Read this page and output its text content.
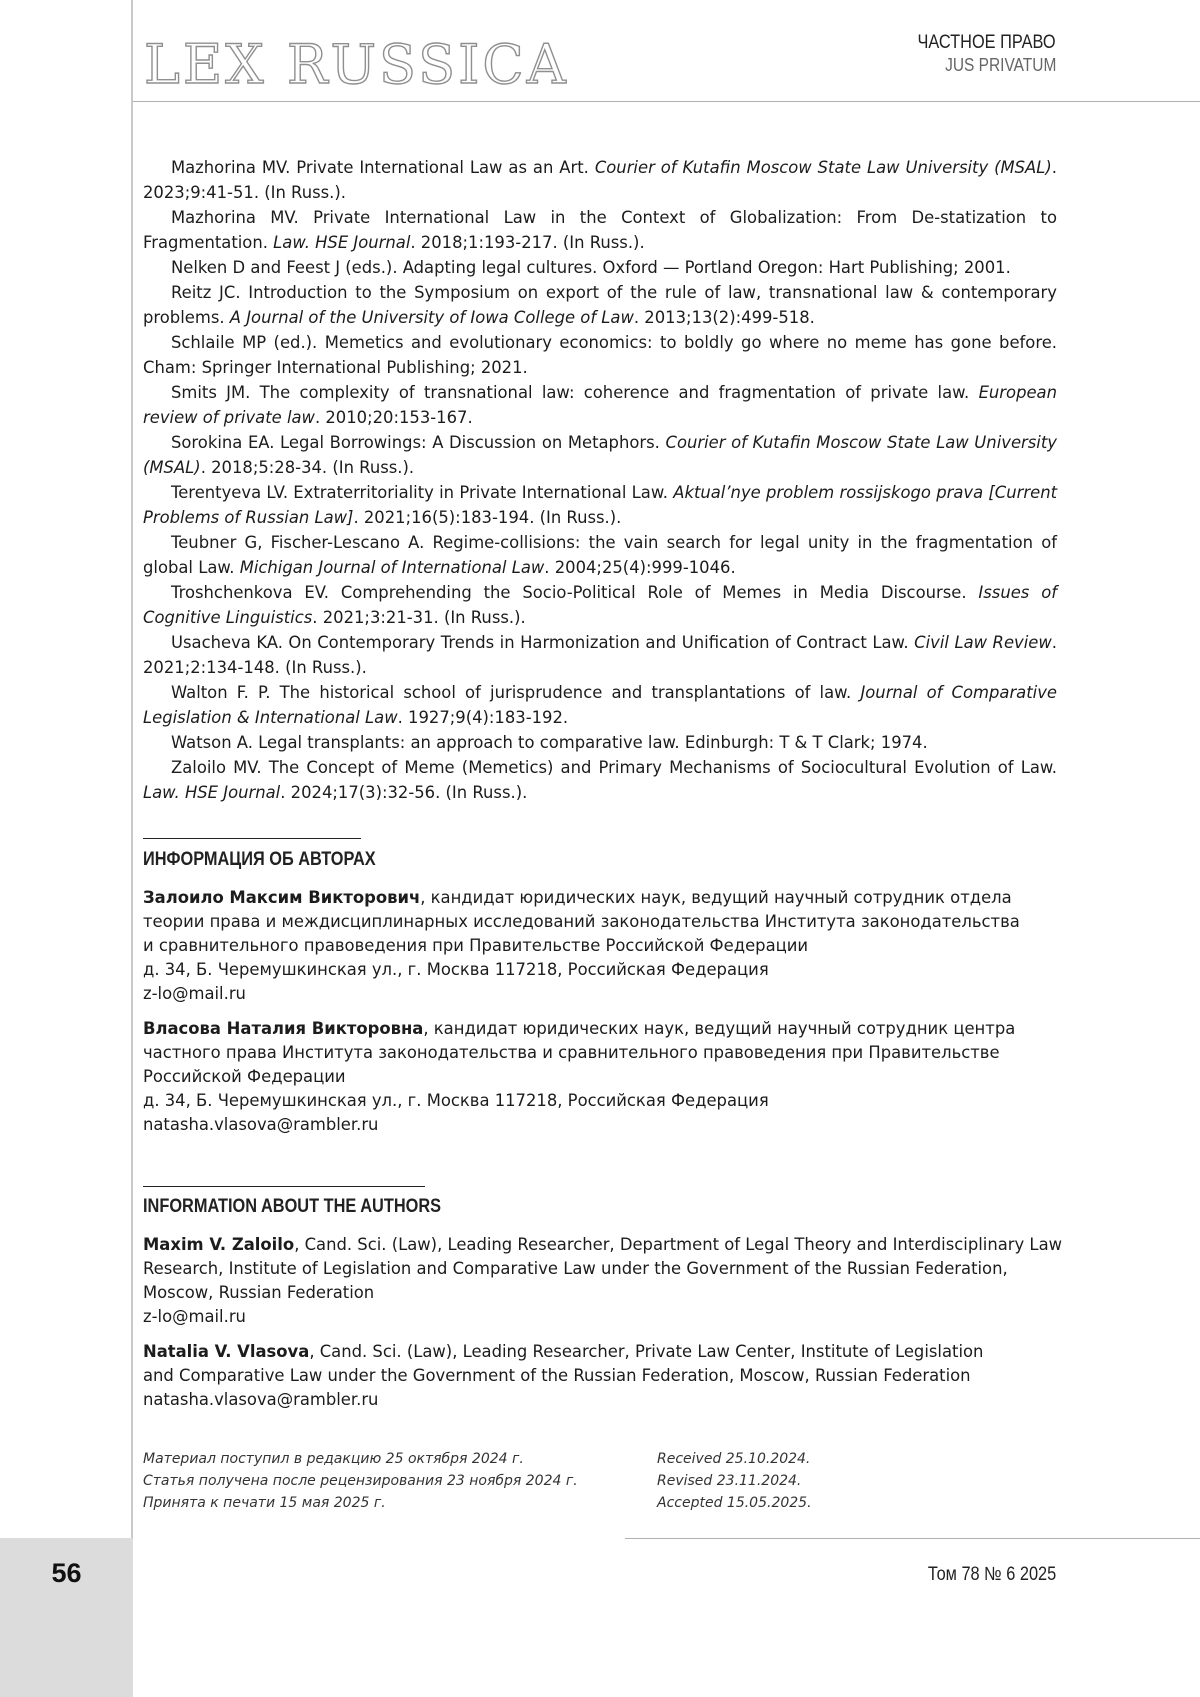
56
LEX RUSSICA	ЧАСТНОЕ ПРАВО
JUS PRIVATUM
Mazhorina MV. Private International Law as an Art. Courier of Kutafin Moscow State Law University (MSAL). 2023;9:41-51. (In Russ.).
Mazhorina MV. Private International Law in the Context of Globalization: From De-statization to Fragmentation. Law. HSE Journal. 2018;1:193-217. (In Russ.).
Nelken D and Feest J (eds.). Adapting legal cultures. Oxford — Portland Oregon: Hart Publishing; 2001.
Reitz JC. Introduction to the Symposium on export of the rule of law, transnational law & contemporary problems. A Journal of the University of Iowa College of Law. 2013;13(2):499-518.
Schlaile MP (ed.). Memetics and evolutionary economics: to boldly go where no meme has gone before. Cham: Springer International Publishing; 2021.
Smits JM. The complexity of transnational law: coherence and fragmentation of private law. European review of private law. 2010;20:153-167.
Sorokina EA. Legal Borrowings: A Discussion on Metaphors. Courier of Kutafin Moscow State Law University (MSAL). 2018;5:28-34. (In Russ.).
Terentyeva LV. Extraterritoriality in Private International Law. Aktual’nye problem rossijskogo prava [Current Problems of Russian Law]. 2021;16(5):183-194. (In Russ.).
Teubner G, Fischer-Lescano A. Regime-collisions: the vain search for legal unity in the fragmentation of global Law. Michigan Journal of International Law. 2004;25(4):999-1046.
Troshchenkova EV. Comprehending the Socio-Political Role of Memes in Media Discourse. Issues of Cognitive Linguistics. 2021;3:21-31. (In Russ.).
Usacheva KA. On Contemporary Trends in Harmonization and Unification of Contract Law. Civil Law Review. 2021;2:134-148. (In Russ.).
Walton F. P. The historical school of jurisprudence and transplantations of law. Journal of Comparative Legislation & International Law. 1927;9(4):183-192.
Watson A. Legal transplants: an approach to comparative law. Edinburgh: T & T Clark; 1974.
Zaloilo MV. The Concept of Meme (Memetics) and Primary Mechanisms of Sociocultural Evolution of Law. Law. HSE Journal. 2024;17(3):32-56. (In Russ.).
ИНФОРМАЦИЯ ОБ АВТОРАХ
Залоило Максим Викторович, кандидат юридических наук, ведущий научный сотрудник отдела
теории права и междисциплинарных исследований законодательства Института законодательства
и сравнительного правоведения при Правительстве Российской Федерации
д. 34, Б. Черемушкинская ул., г. Москва 117218, Российская Федерация
z-lo@mail.ru
Власова Наталия Викторовна, кандидат юридических наук, ведущий научный сотрудник центра
частного права Института законодательства и сравнительного правоведения при Правительстве
Российской Федерации
д. 34, Б. Черемушкинская ул., г. Москва 117218, Российская Федерация
natasha.vlasova@rambler.ru
INFORMATION ABOUT THE AUTHORS
Maxim V. Zaloilo, Cand. Sci. (Law), Leading Researcher, Department of Legal Theory and Interdisciplinary Law
Research, Institute of Legislation and Comparative Law under the Government of the Russian Federation,
Moscow, Russian Federation
z-lo@mail.ru
Natalia V. Vlasova, Cand. Sci. (Law), Leading Researcher, Private Law Center, Institute of Legislation
and Comparative Law under the Government of the Russian Federation, Moscow, Russian Federation
natasha.vlasova@rambler.ru
Материал поступил в редакцию 25 октября 2024 г.
Статья получена после рецензирования 23 ноября 2024 г.
Принята к печати 15 мая 2025 г.
Received 25.10.2024.
Revised 23.11.2024.
Accepted 15.05.2025.
Том 78 № 6 2025
